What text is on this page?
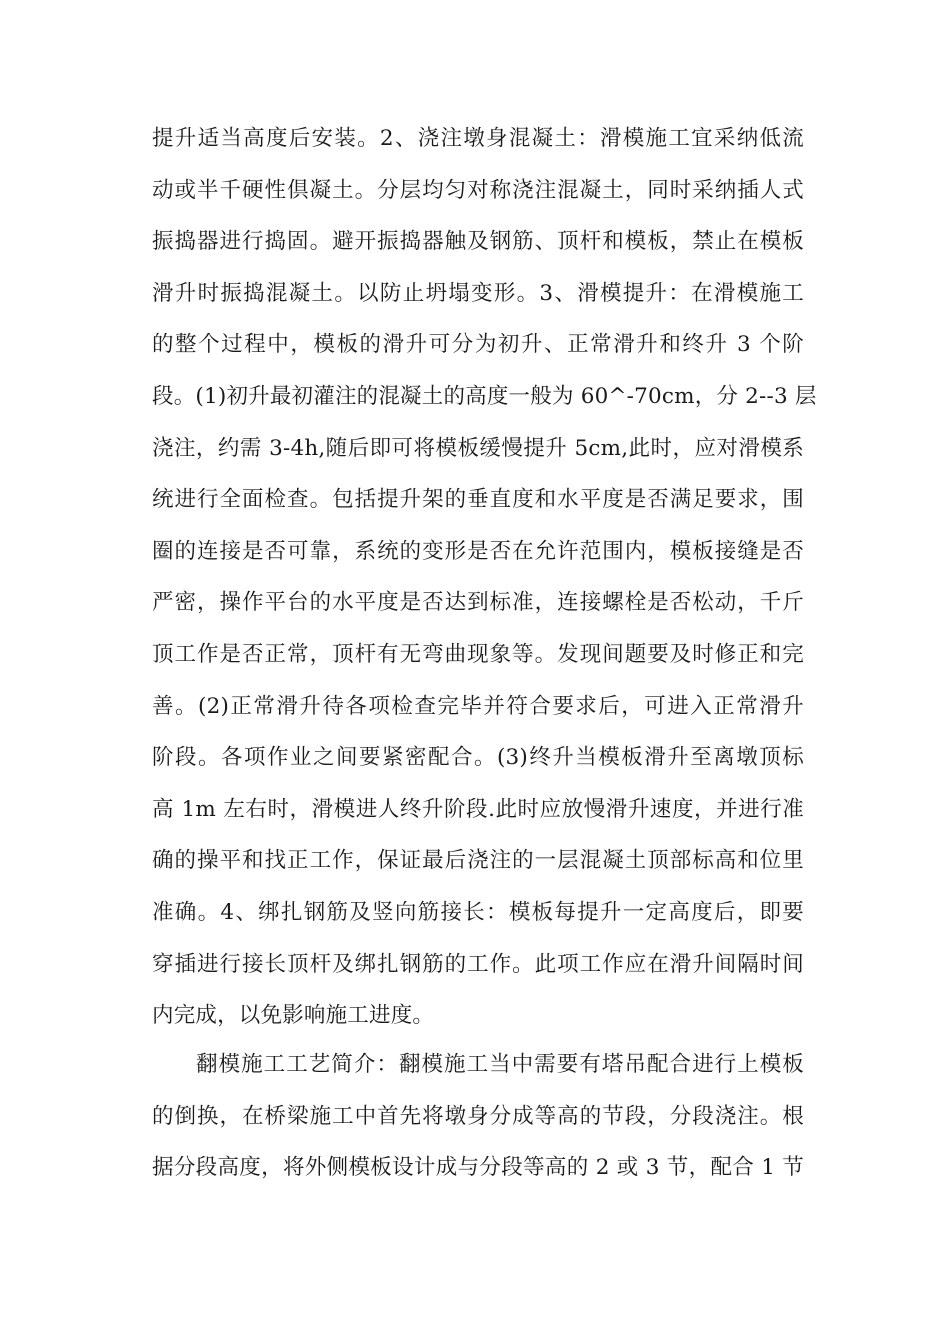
提升适当高度后安装。2、浇注墩身混凝土：滑模施工宜采纳低流
动或半千硬性倶凝土。分层均匀对称浇注混凝土，同时采纳插人式
振捣器进行捣固。避开振捣器触及钢筋、顶杆和模板，禁止在模板
滑升时振捣混凝土。以防止坍塌变形。3、滑模提升：在滑模施工
的整个过程中，模板的滑升可分为初升、正常滑升和终升 3 个阶
段。(1)初升最初灌注的混凝土的高度一般为 60^-70cm，分 2--3 层
浇注，约需 3-4h,随后即可将模板缓慢提升 5cm,此时，应对滑模系
统进行全面检查。包括提升架的垂直度和水平度是否满足要求，围
圈的连接是否可靠，系统的变形是否在允许范围内，模板接缝是否
严密，操作平台的水平度是否达到标准，连接螺栓是否松动，千斤
顶工作是否正常，顶杆有无弯曲现象等。发现间题要及时修正和完
善。(2)正常滑升待各项检查完毕并符合要求后，可进入正常滑升
阶段。各项作业之间要紧密配合。(3)终升当模板滑升至离墩顶标
高 1m 左右时，滑模进人终升阶段.此时应放慢滑升速度，并进行准
确的操平和找正工作，保证最后浇注的一层混凝土顶部标高和位里
准确。4、绑扎钢筋及竖向筋接长：模板每提升一定高度后，即要
穿插进行接长顶杆及绑扎钢筋的工作。此项工作应在滑升间隔时间
内完成，以免影响施工进度。
翻模施工工艺简介：翻模施工当中需要有塔吊配合进行上模板
的倒换，在桥梁施工中首先将墩身分成等高的节段，分段浇注。根
据分段高度，将外侧模板设计成与分段等高的 2 或 3 节，配合 1 节
